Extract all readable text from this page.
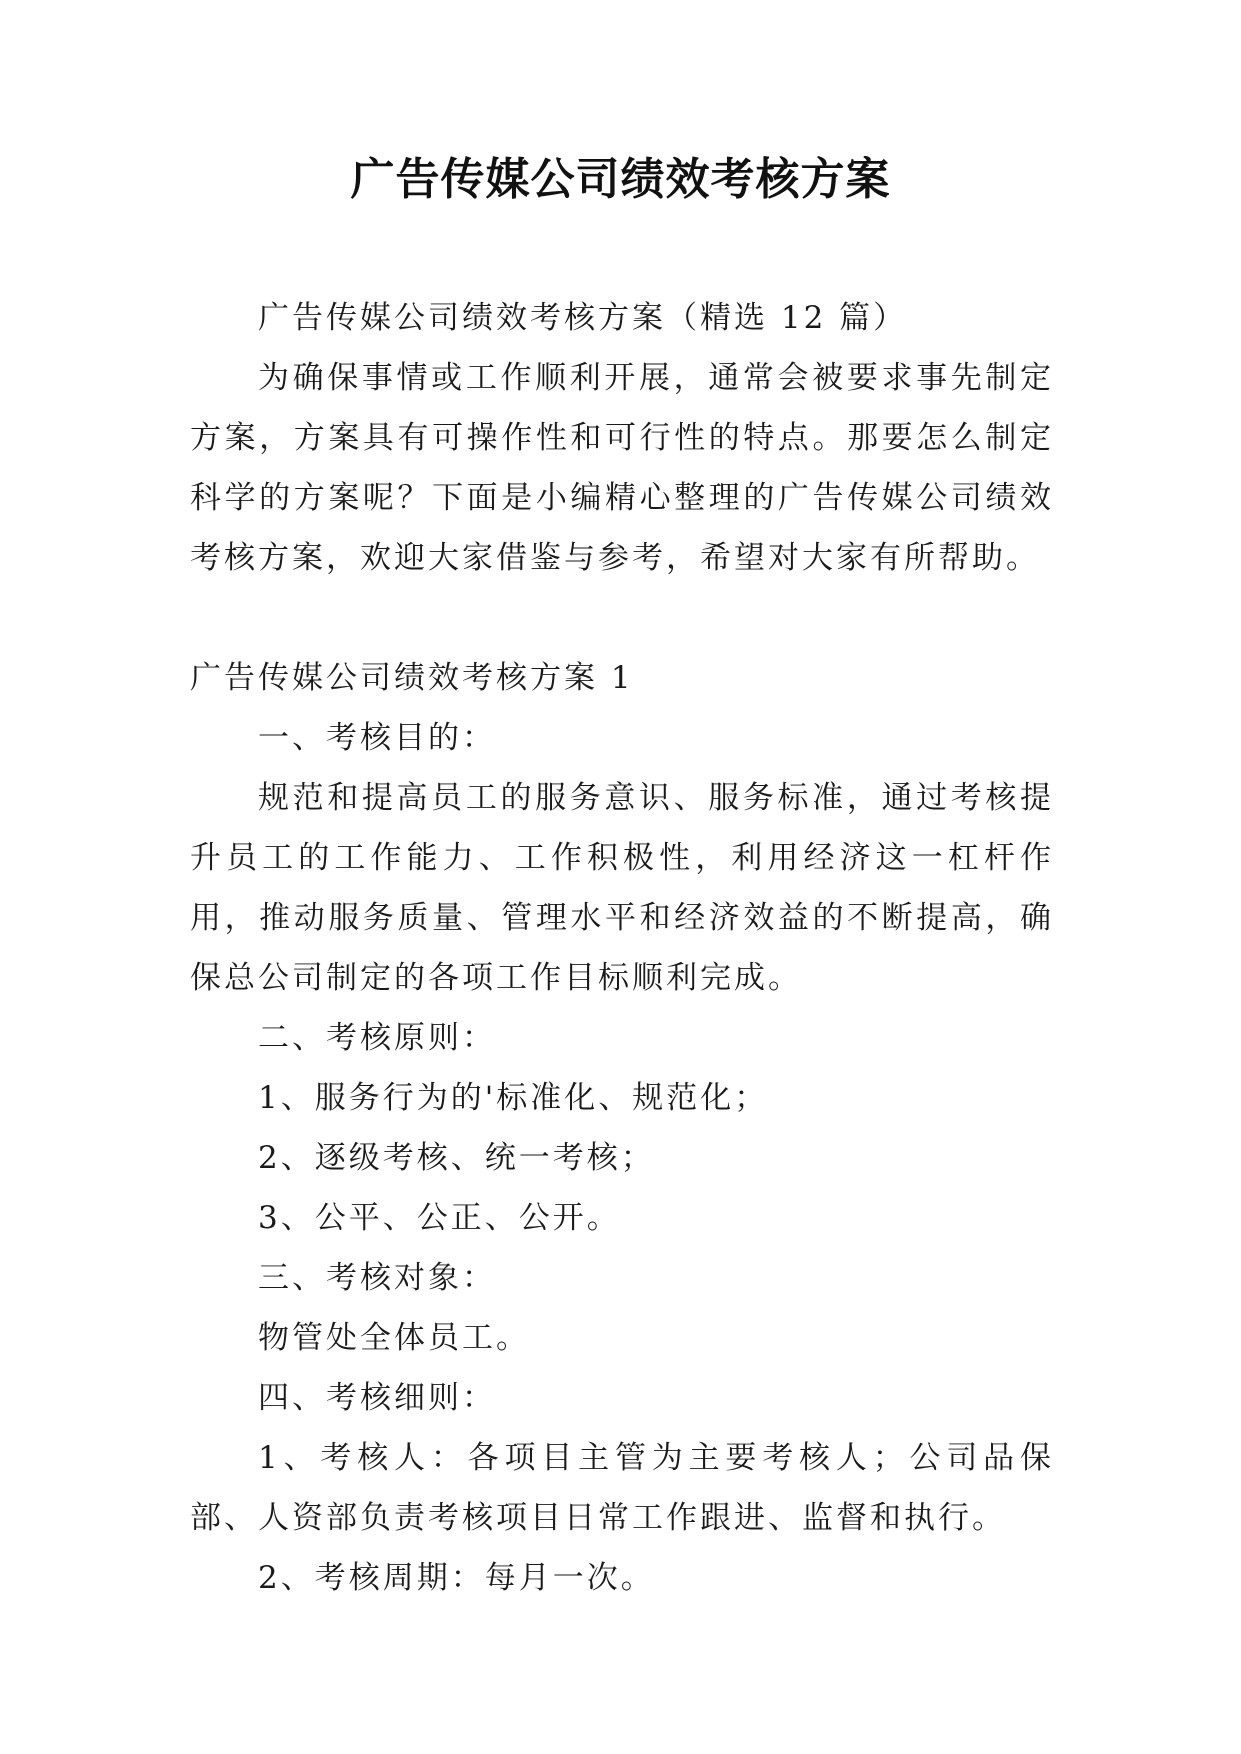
广告传媒公司绩效考核方案

广告传媒公司绩效考核方案（精选 12 篇）

为确保事情或工作顺利开展，通常会被要求事先制定方案，方案具有可操作性和可行性的特点。那要怎么制定科学的方案呢？下面是小编精心整理的广告传媒公司绩效考核方案，欢迎大家借鉴与参考，希望对大家有所帮助。

广告传媒公司绩效考核方案 1

一、考核目的：

规范和提高员工的服务意识、服务标准，通过考核提升员工的工作能力、工作积极性，利用经济这一杠杆作用，推动服务质量、管理水平和经济效益的不断提高，确保总公司制定的各项工作目标顺利完成。

二、考核原则：

1、服务行为的'标准化、规范化；

2、逐级考核、统一考核；

3、公平、公正、公开。

三、考核对象：

物管处全体员工。

四、考核细则：

1、考核人：各项目主管为主要考核人；公司品保部、人资部负责考核项目日常工作跟进、监督和执行。

2、考核周期：每月一次。
